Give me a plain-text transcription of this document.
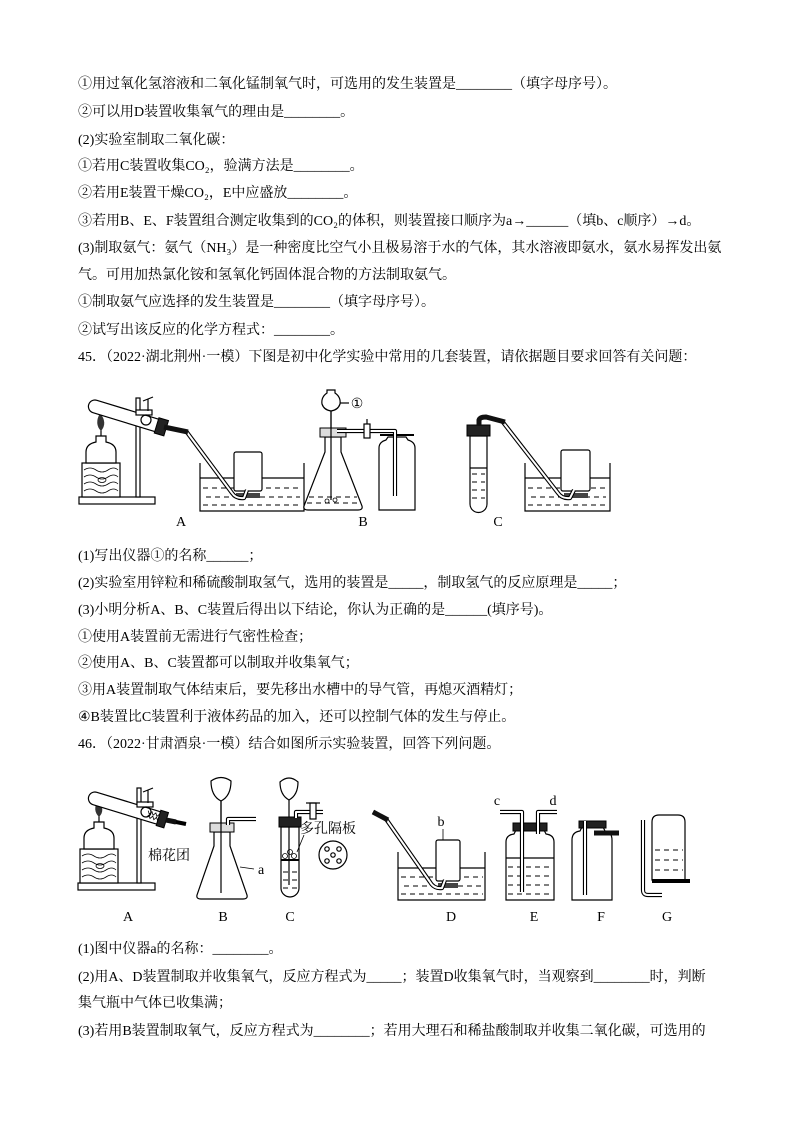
①用过氧化氢溶液和二氧化锰制氧气时，可选用的发生装置是________（填字母序号）。
②可以用D装置收集氧气的理由是________。
(2)实验室制取二氧化碳：
①若用C装置收集CO₂，验满方法是________。
②若用E装置干燥CO₂，E中应盛放________。
③若用B、E、F装置组合测定收集到的CO₂的体积，则装置接口顺序为a→______（填b、c顺序）→d。
(3)制取氨气：氨气（NH₃）是一种密度比空气小且极易溶于水的气体，其水溶液即氨水，氨水易挥发出氨
气。可用加热氯化铵和氢氧化钙固体混合物的方法制取氨气。
①制取氨气应选择的发生装置是________（填字母序号）。
②试写出该反应的化学方程式：________。
45．（2022·湖北荆州·一模）下图是初中化学实验中常用的几套装置，请依据题目要求回答有关问题：
A
①
B	C
(1)写出仪器①的名称______；
(2)实验室用锌粒和稀硫酸制取氢气，选用的装置是_____，制取氢气的反应原理是_____；
(3)小明分析A、B、C装置后得出以下结论，你认为正确的是______(填序号)。
①使用A装置前无需进行气密性检查；
②使用A、B、C装置都可以制取并收集氧气；
③用A装置制取气体结束后，要先移出水槽中的导气管，再熄灭酒精灯；
④B装置比C装置利于液体药品的加入，还可以控制气体的发生与停止。
46．（2022·甘肃酒泉·一模）结合如图所示实验装置，回答下列问题。
棉花团
A
a
B
多孔隔板
C
b
D
c	d
E	F	G
(1)图中仪器a的名称：________。
(2)用A、D装置制取并收集氧气，反应方程式为_____；装置D收集氧气时，当观察到________时，判断
集气瓶中气体已收集满；
(3)若用B装置制取氧气，反应方程式为________；若用大理石和稀盐酸制取并收集二氧化碳，可选用的
